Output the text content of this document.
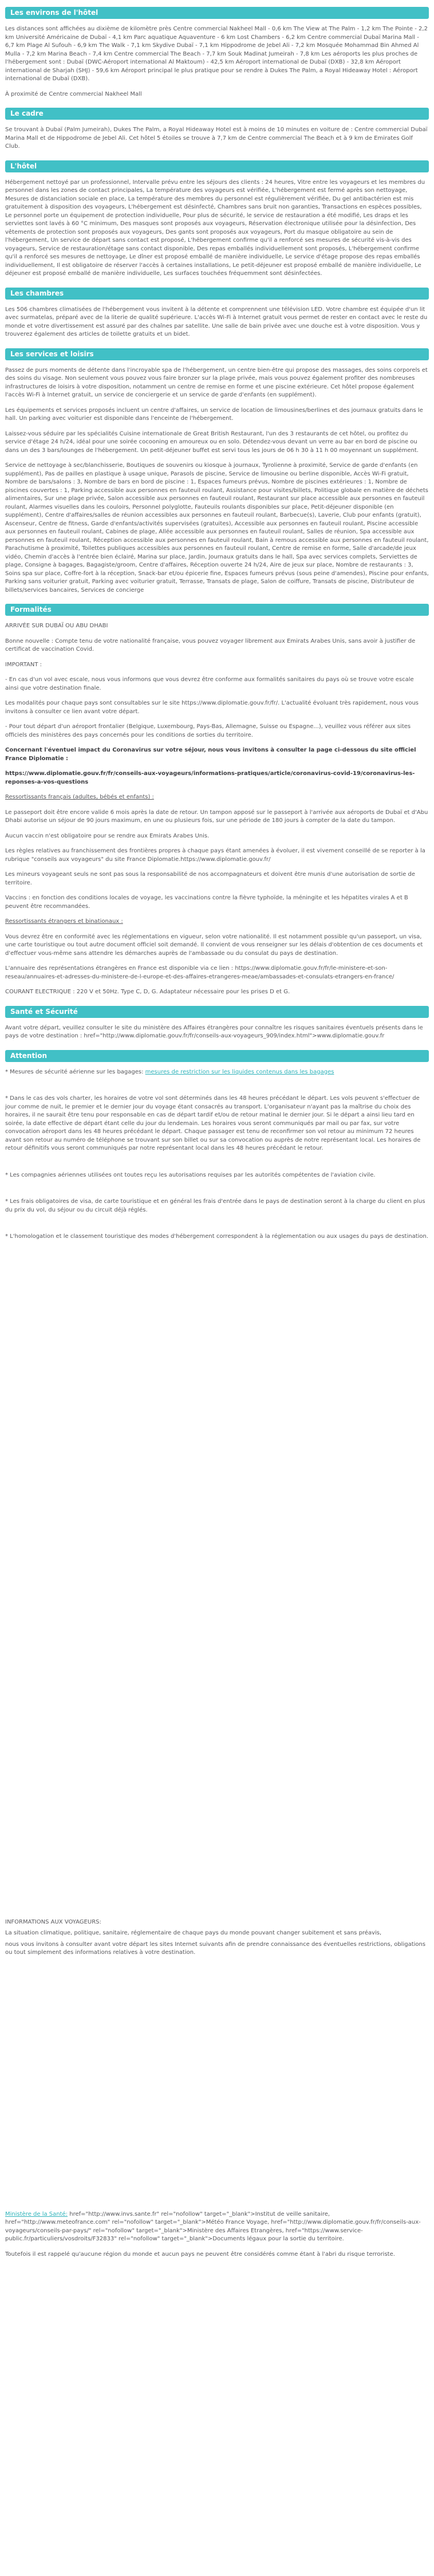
Les environs de l'hôtel

Les distances sont affichées au dixième de kilomètre près Centre commercial Nakheel Mall - 0,6 km The View at The Palm - 1,2 km The Pointe - 2,2 km Université Américaine de Dubaï - 4,1 km Parc aquatique Aquaventure - 6 km Lost Chambers - 6,2 km Centre commercial Dubaï Marina Mall - 6,7 km Plage Al Sufouh - 6,9 km The Walk - 7,1 km Skydive Dubaï - 7,1 km Hippodrome de Jebel Ali - 7,2 km Mosquée Mohammad Bin Ahmed Al Mulla - 7,2 km Marina Beach - 7,4 km Centre commercial The Beach - 7,7 km Souk Madinat Jumeirah - 7,8 km Les aéroports les plus proches de l'hébergement sont : Dubaï (DWC-Aéroport international Al Maktoum) - 42,5 km Aéroport international de Dubaï (DXB) - 32,8 km Aéroport international de Sharjah (SHJ) - 59,6 km Aéroport principal le plus pratique pour se rendre à Dukes The Palm, a Royal Hideaway Hotel : Aéroport international de Dubaï (DXB).

À proximité de Centre commercial Nakheel Mall

Le cadre

Se trouvant à Dubaï (Palm Jumeirah), Dukes The Palm, a Royal Hideaway Hotel est à moins de 10 minutes en voiture de : Centre commercial Dubaï Marina Mall et de Hippodrome de Jebel Ali. Cet hôtel 5 étoiles se trouve à 7,7 km de Centre commercial The Beach et à 9 km de Emirates Golf Club.

L'hôtel

Hébergement nettoyé par un professionnel, Intervalle prévu entre les séjours des clients : 24 heures, Vitre entre les voyageurs et les membres du personnel dans les zones de contact principales, La température des voyageurs est vérifiée, L'hébergement est fermé après son nettoyage, Mesures de distanciation sociale en place, La température des membres du personnel est régulièrement vérifiée, Du gel antibactérien est mis gratuitement à disposition des voyageurs, L'hébergement est désinfecté, Chambres sans bruit non garanties, Transactions en espèces possibles, Le personnel porte un équipement de protection individuelle, Pour plus de sécurité, le service de restauration a été modifié, Les draps et les serviettes sont lavés à 60 °C minimum, Des masques sont proposés aux voyageurs, Réservation électronique utilisée pour la désinfection, Des vêtements de protection sont proposés aux voyageurs, Des gants sont proposés aux voyageurs, Port du masque obligatoire au sein de l'hébergement, Un service de départ sans contact est proposé, L'hébergement confirme qu'il a renforcé ses mesures de sécurité vis-à-vis des voyageurs, Service de restauration/étage sans contact disponible, Des repas emballés individuellement sont proposés, L'hébergement confirme qu'il a renforcé ses mesures de nettoyage, Le dîner est proposé emballé de manière individuelle, Le service d'étage propose des repas emballés individuellement, Il est obligatoire de réserver l'accès à certaines installations, Le petit-déjeuner est proposé emballé de manière individuelle, Le déjeuner est proposé emballé de manière individuelle, Les surfaces touchées fréquemment sont désinfectées.

Les chambres

Les 506 chambres climatisées de l'hébergement vous invitent à la détente et comprennent une télévision LED. Votre chambre est équipée d'un lit avec surmatelas, préparé avec de la literie de qualité supérieure. L'accès Wi-Fi à Internet gratuit vous permet de rester en contact avec le reste du monde et votre divertissement est assuré par des chaînes par satellite. Une salle de bain privée avec une douche est à votre disposition. Vous y trouverez également des articles de toilette gratuits et un bidet.

Les services et loisirs

Passez de purs moments de détente dans l'incroyable spa de l'hébergement, un centre bien-être qui propose des massages, des soins corporels et des soins du visage. Non seulement vous pouvez vous faire bronzer sur la plage privée, mais vous pouvez également profiter des nombreuses infrastructures de loisirs à votre disposition, notamment un centre de remise en forme et une piscine extérieure. Cet hôtel propose également l'accès Wi-Fi à Internet gratuit, un service de conciergerie et un service de garde d'enfants (en supplément).

Les équipements et services proposés incluent un centre d'affaires, un service de location de limousines/berlines et des journaux gratuits dans le hall. Un parking avec voiturier est disponible dans l'enceinte de l'hébergement.

Laissez-vous séduire par les spécialités Cuisine internationale de Great British Restaurant, l'un des 3 restaurants de cet hôtel, ou profitez du service d'étage 24 h/24, idéal pour une soirée cocooning en amoureux ou en solo. Détendez-vous devant un verre au bar en bord de piscine ou dans un des 3 bars/lounges de l'hébergement. Un petit-déjeuner buffet est servi tous les jours de 06 h 30 à 11 h 00 moyennant un supplément.

Service de nettoyage à sec/blanchisserie, Boutiques de souvenirs ou kiosque à journaux, Tyrolienne à proximité, Service de garde d'enfants (en supplément), Pas de pailles en plastique à usage unique, Parasols de piscine, Service de limousine ou berline disponible, Accès Wi-Fi gratuit, Nombre de bars/salons : 3, Nombre de bars en bord de piscine : 1, Espaces fumeurs prévus, Nombre de piscines extérieures : 1, Nombre de piscines couvertes : 1, Parking accessible aux personnes en fauteuil roulant, Assistance pour visites/billets, Politique globale en matière de déchets alimentaires, Sur une plage privée, Salon accessible aux personnes en fauteuil roulant, Restaurant sur place accessible aux personnes en fauteuil roulant, Alarmes visuelles dans les couloirs, Personnel polyglotte, Fauteuils roulants disponibles sur place, Petit-déjeuner disponible (en supplément), Centre d'affaires/salles de réunion accessibles aux personnes en fauteuil roulant, Barbecue(s), Laverie, Club pour enfants (gratuit), Ascenseur, Centre de fitness, Garde d'enfants/activités supervisées (gratuites), Accessible aux personnes en fauteuil roulant, Piscine accessible aux personnes en fauteuil roulant, Cabines de plage, Allée accessible aux personnes en fauteuil roulant, Salles de réunion, Spa accessible aux personnes en fauteuil roulant, Réception accessible aux personnes en fauteuil roulant, Bain à remous accessible aux personnes en fauteuil roulant, Parachutisme à proximité, Toilettes publiques accessibles aux personnes en fauteuil roulant, Centre de remise en forme, Salle d'arcade/de jeux vidéo, Chemin d'accès à l'entrée bien éclairé, Marina sur place, Jardin, Journaux gratuits dans le hall, Spa avec services complets, Serviettes de plage, Consigne à bagages, Bagagiste/groom, Centre d'affaires, Réception ouverte 24 h/24, Aire de jeux sur place, Nombre de restaurants : 3, Soins spa sur place, Coffre-fort à la réception, Snack-bar et/ou épicerie fine, Espaces fumeurs prévus (sous peine d'amendes), Piscine pour enfants, Parking sans voiturier gratuit, Parking avec voiturier gratuit, Terrasse, Transats de plage, Salon de coiffure, Transats de piscine, Distributeur de billets/services bancaires, Services de concierge

Formalités

ARRIVÉE SUR DUBAÏ OU ABU DHABI

Bonne nouvelle : Compte tenu de votre nationalité française, vous pouvez voyager librement aux Emirats Arabes Unis, sans avoir à justifier de certificat de vaccination Covid.

IMPORTANT :

- En cas d'un vol avec escale, nous vous informons que vous devrez être conforme aux formalités sanitaires du pays où se trouve votre escale ainsi que votre destination finale.

Les modalités pour chaque pays sont consultables sur le site https://www.diplomatie.gouv.fr/fr/. L'actualité évoluant très rapidement, nous vous invitons à consulter ce lien avant votre départ.

- Pour tout départ d'un aéroport frontalier (Belgique, Luxembourg, Pays-Bas, Allemagne, Suisse ou Espagne...), veuillez vous référer aux sites officiels des ministères des pays concernés pour les conditions de sorties du territoire.

Concernant l'éventuel impact du Coronavirus sur votre séjour, nous vous invitons à consulter la page ci-dessous du site officiel France Diplomatie :

https://www.diplomatie.gouv.fr/fr/conseils-aux-voyageurs/informations-pratiques/article/coronavirus-covid-19/coronavirus-les-reponses-a-vos-questions

Ressortissants français (adultes, bébés et enfants) :

Le passeport doit être encore valide 6 mois après la date de retour. Un tampon apposé sur le passeport à l'arrivée aux aéroports de Dubaï et d'Abu Dhabi autorise un séjour de 90 jours maximum, en une ou plusieurs fois, sur une période de 180 jours à compter de la date du tampon.

Aucun vaccin n'est obligatoire pour se rendre aux Emirats Arabes Unis.

Les règles relatives au franchissement des frontières propres à chaque pays étant amenées à évoluer, il est vivement conseillé de se reporter à la rubrique "conseils aux voyageurs" du site France Diplomatie.https://www.diplomatie.gouv.fr/

Les mineurs voyageant seuls ne sont pas sous la responsabilité de nos accompagnateurs et doivent être munis d'une autorisation de sortie de territoire.

Vaccins : en fonction des conditions locales de voyage, les vaccinations contre la fièvre typhoïde, la méningite et les hépatites virales A et B peuvent être recommandées.

Ressortissants étrangers et binationaux :

Vous devrez être en conformité avec les réglementations en vigueur, selon votre nationalité. Il est notamment possible qu'un passeport, un visa, une carte touristique ou tout autre document officiel soit demandé. Il convient de vous renseigner sur les délais d'obtention de ces documents et d'effectuer vous-même sans attendre les démarches auprès de l'ambassade ou du consulat du pays de destination.

L'annuaire des représentations étrangères en France est disponible via ce lien : https://www.diplomatie.gouv.fr/fr/le-ministere-et-son-reseau/annuaires-et-adresses-du-ministere-de-l-europe-et-des-affaires-etrangeres-meae/ambassades-et-consulats-etrangers-en-france/

COURANT ELECTRIQUE : 220 V et 50Hz. Type C, D, G. Adaptateur nécessaire pour les prises D et G.

Santé et Sécurité

Avant votre départ, veuillez consulter le site du ministère des Affaires étrangères pour connaître les risques sanitaires éventuels présents dans le pays de votre destination : href="http://www.diplomatie.gouv.fr/fr/conseils-aux-voyageurs_909/index.html">www.diplomatie.gouv.fr

Attention

* Mesures de sécurité aérienne sur les bagages: mesures de restriction sur les liquides contenus dans les bagages

* Dans le cas des vols charter, les horaires de votre vol sont déterminés dans les 48 heures précédant le départ. Les vols peuvent s'effectuer de jour comme de nuit, le premier et le dernier jour du voyage étant consacrés au transport. L'organisateur n'ayant pas la maîtrise du choix des horaires, il ne saurait être tenu pour responsable en cas de départ tardif et/ou de retour matinal le dernier jour. Si le départ a ainsi lieu tard en soirée, la date effective de départ étant celle du jour du lendemain. Les horaires vous seront communiqués par mail ou par fax, sur votre convocation aéroport dans les 48 heures précédant le départ. Chaque passager est tenu de reconfirmer son vol retour au minimum 72 heures avant son retour au numéro de téléphone se trouvant sur son billet ou sur sa convocation ou auprès de notre représentant local. Les horaires de retour définitifs vous seront communiqués par notre représentant local dans les 48 heures précédant le retour.

* Les compagnies aériennes utilisées ont toutes reçu les autorisations requises par les autorités compétentes de l'aviation civile.

* Les frais obligatoires de visa, de carte touristique et en général les frais d'entrée dans le pays de destination seront à la charge du client en plus du prix du vol, du séjour ou du circuit déjà réglés.

* L'homologation et le classement touristique des modes d'hébergement correspondent à la réglementation ou aux usages du pays de destination.

INFORMATIONS AUX VOYAGEURS:

La situation climatique, politique, sanitaire, réglementaire de chaque pays du monde pouvant changer subitement et sans préavis,

nous vous invitons à consulter avant votre départ les sites Internet suivants afin de prendre connaissance des éventuelles restrictions, obligations ou tout simplement des informations relatives à votre destination.

Ministère de la Santé: href="http://www.invs.sante.fr" rel="nofollow" target="_blank">Institut de veille sanitaire, href="http://www.meteofrance.com" rel="nofollow" target="_blank">Météo France Voyage, href="http://www.diplomatie.gouv.fr/fr/conseils-aux-voyageurs/conseils-par-pays/" rel="nofollow" target="_blank">Ministère des Affaires Etrangères, href="https://www.service-public.fr/particuliers/vosdroits/F32833" rel="nofollow" target="_blank">Documents légaux pour la sortie du territoire.

Toutefois il est rappelé qu'aucune région du monde et aucun pays ne peuvent être considérés comme étant à l'abri du risque terroriste.
